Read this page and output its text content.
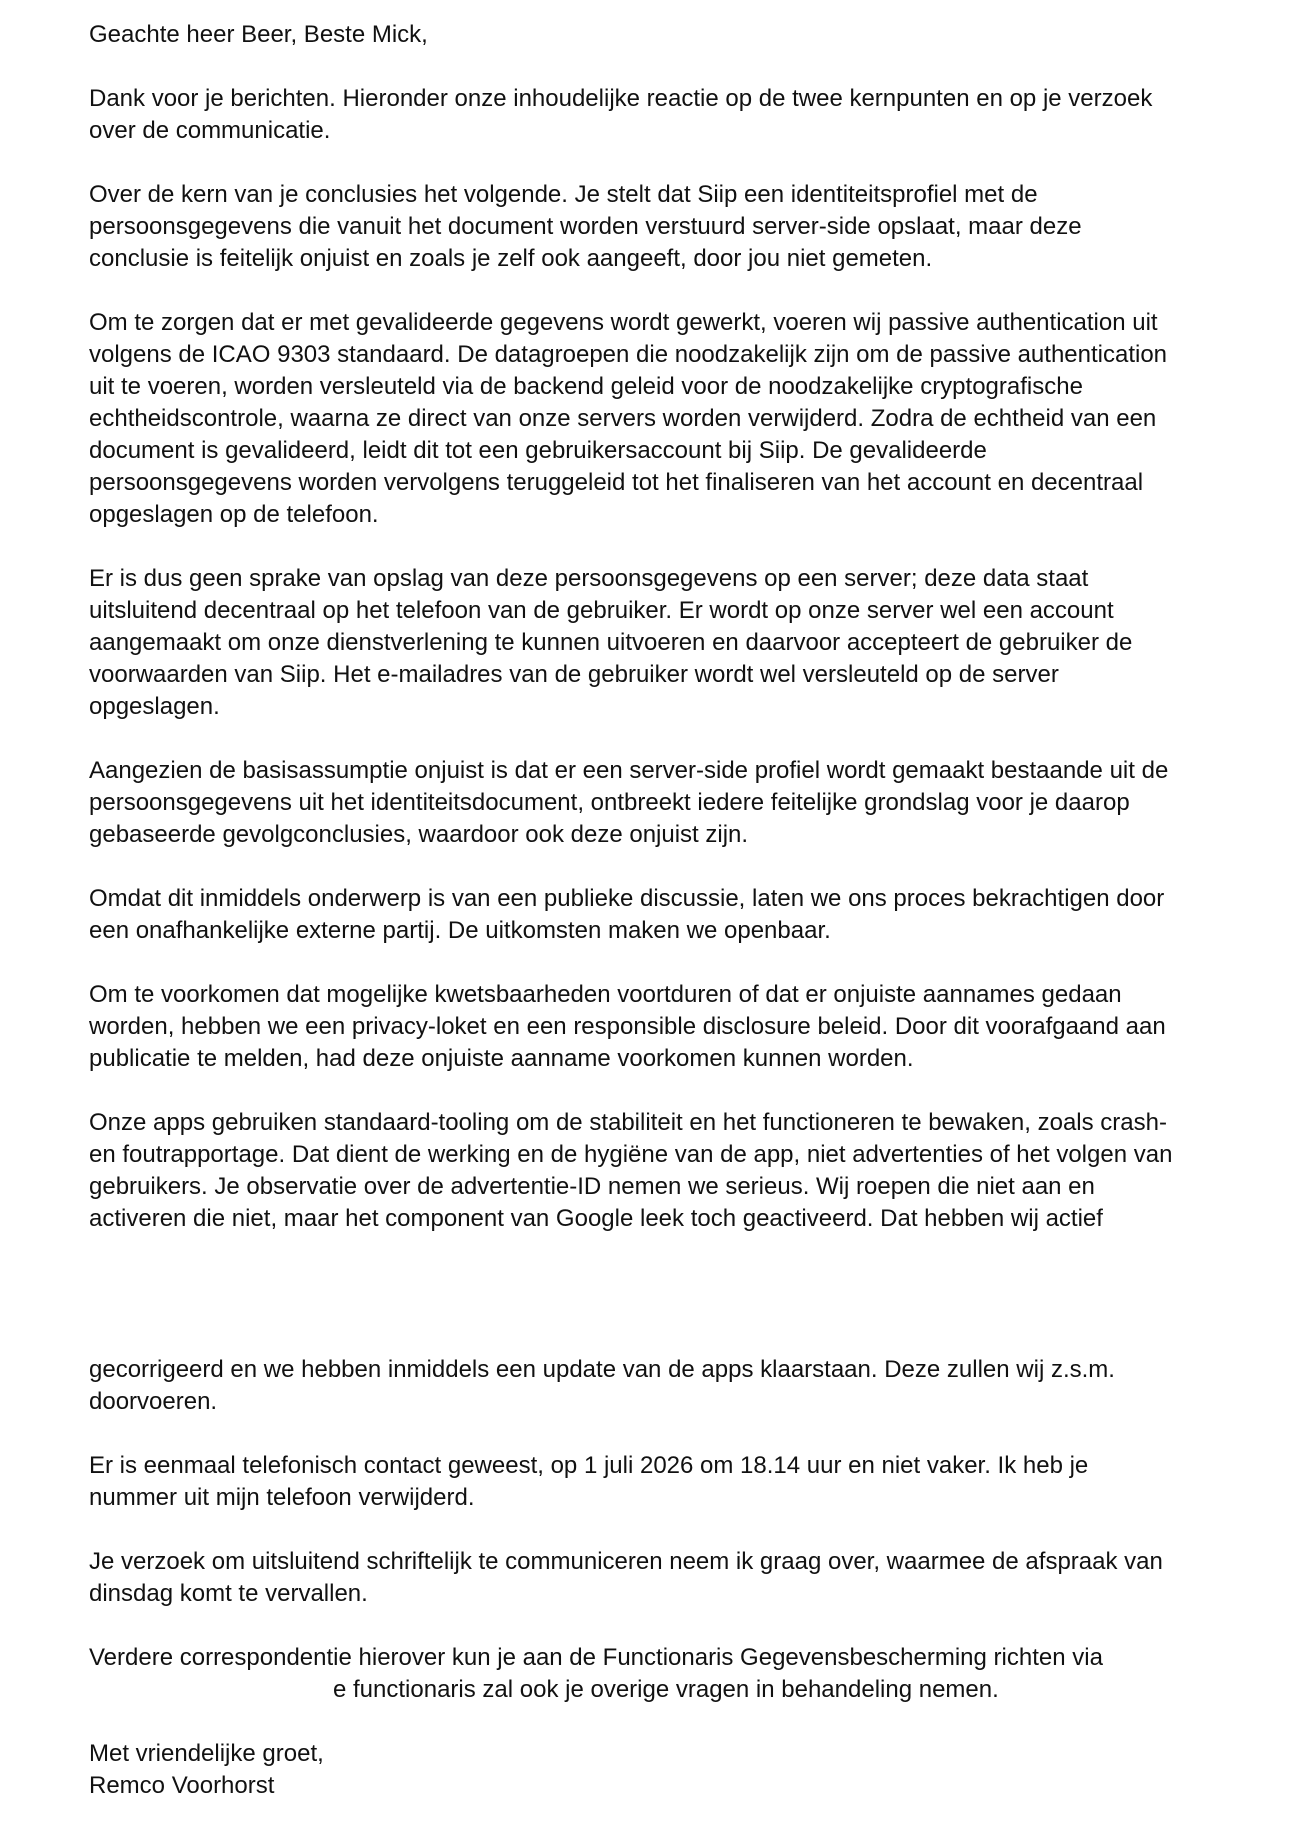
Geachte heer Beer, Beste Mick,

Dank voor je berichten. Hieronder onze inhoudelijke reactie op de twee kernpunten en op je verzoek
over de communicatie.

Over de kern van je conclusies het volgende. Je stelt dat Siip een identiteitsprofiel met de
persoonsgegevens die vanuit het document worden verstuurd server-side opslaat, maar deze
conclusie is feitelijk onjuist en zoals je zelf ook aangeeft, door jou niet gemeten.

Om te zorgen dat er met gevalideerde gegevens wordt gewerkt, voeren wij passive authentication uit
volgens de ICAO 9303 standaard. De datagroepen die noodzakelijk zijn om de passive authentication
uit te voeren, worden versleuteld via de backend geleid voor de noodzakelijke cryptografische
echtheidscontrole, waarna ze direct van onze servers worden verwijderd. Zodra de echtheid van een
document is gevalideerd, leidt dit tot een gebruikersaccount bij Siip. De gevalideerde
persoonsgegevens worden vervolgens teruggeleid tot het finaliseren van het account en decentraal
opgeslagen op de telefoon.

Er is dus geen sprake van opslag van deze persoonsgegevens op een server; deze data staat
uitsluitend decentraal op het telefoon van de gebruiker. Er wordt op onze server wel een account
aangemaakt om onze dienstverlening te kunnen uitvoeren en daarvoor accepteert de gebruiker de
voorwaarden van Siip. Het e-mailadres van de gebruiker wordt wel versleuteld op de server
opgeslagen.

Aangezien de basisassumptie onjuist is dat er een server-side profiel wordt gemaakt bestaande uit de
persoonsgegevens uit het identiteitsdocument, ontbreekt iedere feitelijke grondslag voor je daarop
gebaseerde gevolgconclusies, waardoor ook deze onjuist zijn.

Omdat dit inmiddels onderwerp is van een publieke discussie, laten we ons proces bekrachtigen door
een onafhankelijke externe partij. De uitkomsten maken we openbaar.

Om te voorkomen dat mogelijke kwetsbaarheden voortduren of dat er onjuiste aannames gedaan
worden, hebben we een privacy-loket en een responsible disclosure beleid. Door dit voorafgaand aan
publicatie te melden, had deze onjuiste aanname voorkomen kunnen worden.

Onze apps gebruiken standaard-tooling om de stabiliteit en het functioneren te bewaken, zoals crash-
en foutrapportage. Dat dient de werking en de hygiëne van de app, niet advertenties of het volgen van
gebruikers. Je observatie over de advertentie-ID nemen we serieus. Wij roepen die niet aan en
activeren die niet, maar het component van Google leek toch geactiveerd. Dat hebben wij actief

gecorrigeerd en we hebben inmiddels een update van de apps klaarstaan. Deze zullen wij z.s.m.
doorvoeren.

Er is eenmaal telefonisch contact geweest, op 1 juli 2026 om 18.14 uur en niet vaker. Ik heb je
nummer uit mijn telefoon verwijderd.

Je verzoek om uitsluitend schriftelijk te communiceren neem ik graag over, waarmee de afspraak van
dinsdag komt te vervallen.

Verdere correspondentie hierover kun je aan de Functionaris Gegevensbescherming richten via
e functionaris zal ook je overige vragen in behandeling nemen.

Met vriendelijke groet,
Remco Voorhorst
